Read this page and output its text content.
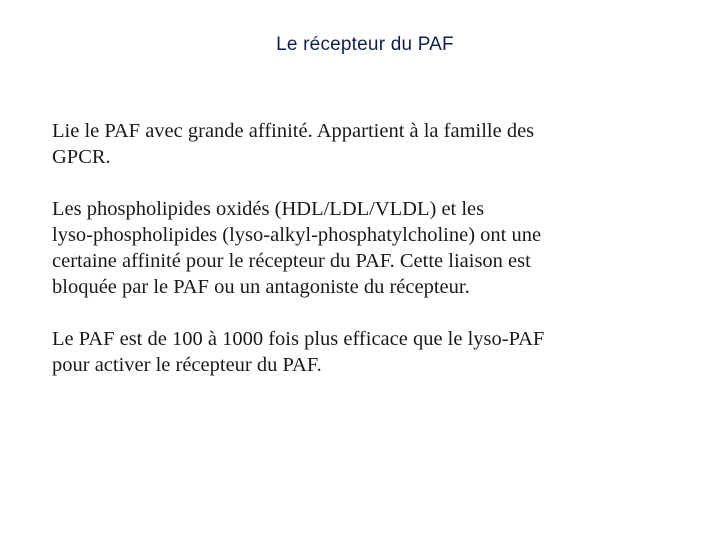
Le récepteur du PAF

Lie le PAF avec grande affinité. Appartient à la famille des
GPCR.

Les phospholipides oxidés (HDL/LDL/VLDL) et les
lyso-phospholipides (lyso-alkyl-phosphatylcholine) ont une
certaine affinité pour le récepteur du PAF. Cette liaison est
bloquée par le PAF ou un antagoniste du récepteur.

Le PAF est de 100 à 1000 fois plus efficace que le lyso-PAF
pour activer le récepteur du PAF.
